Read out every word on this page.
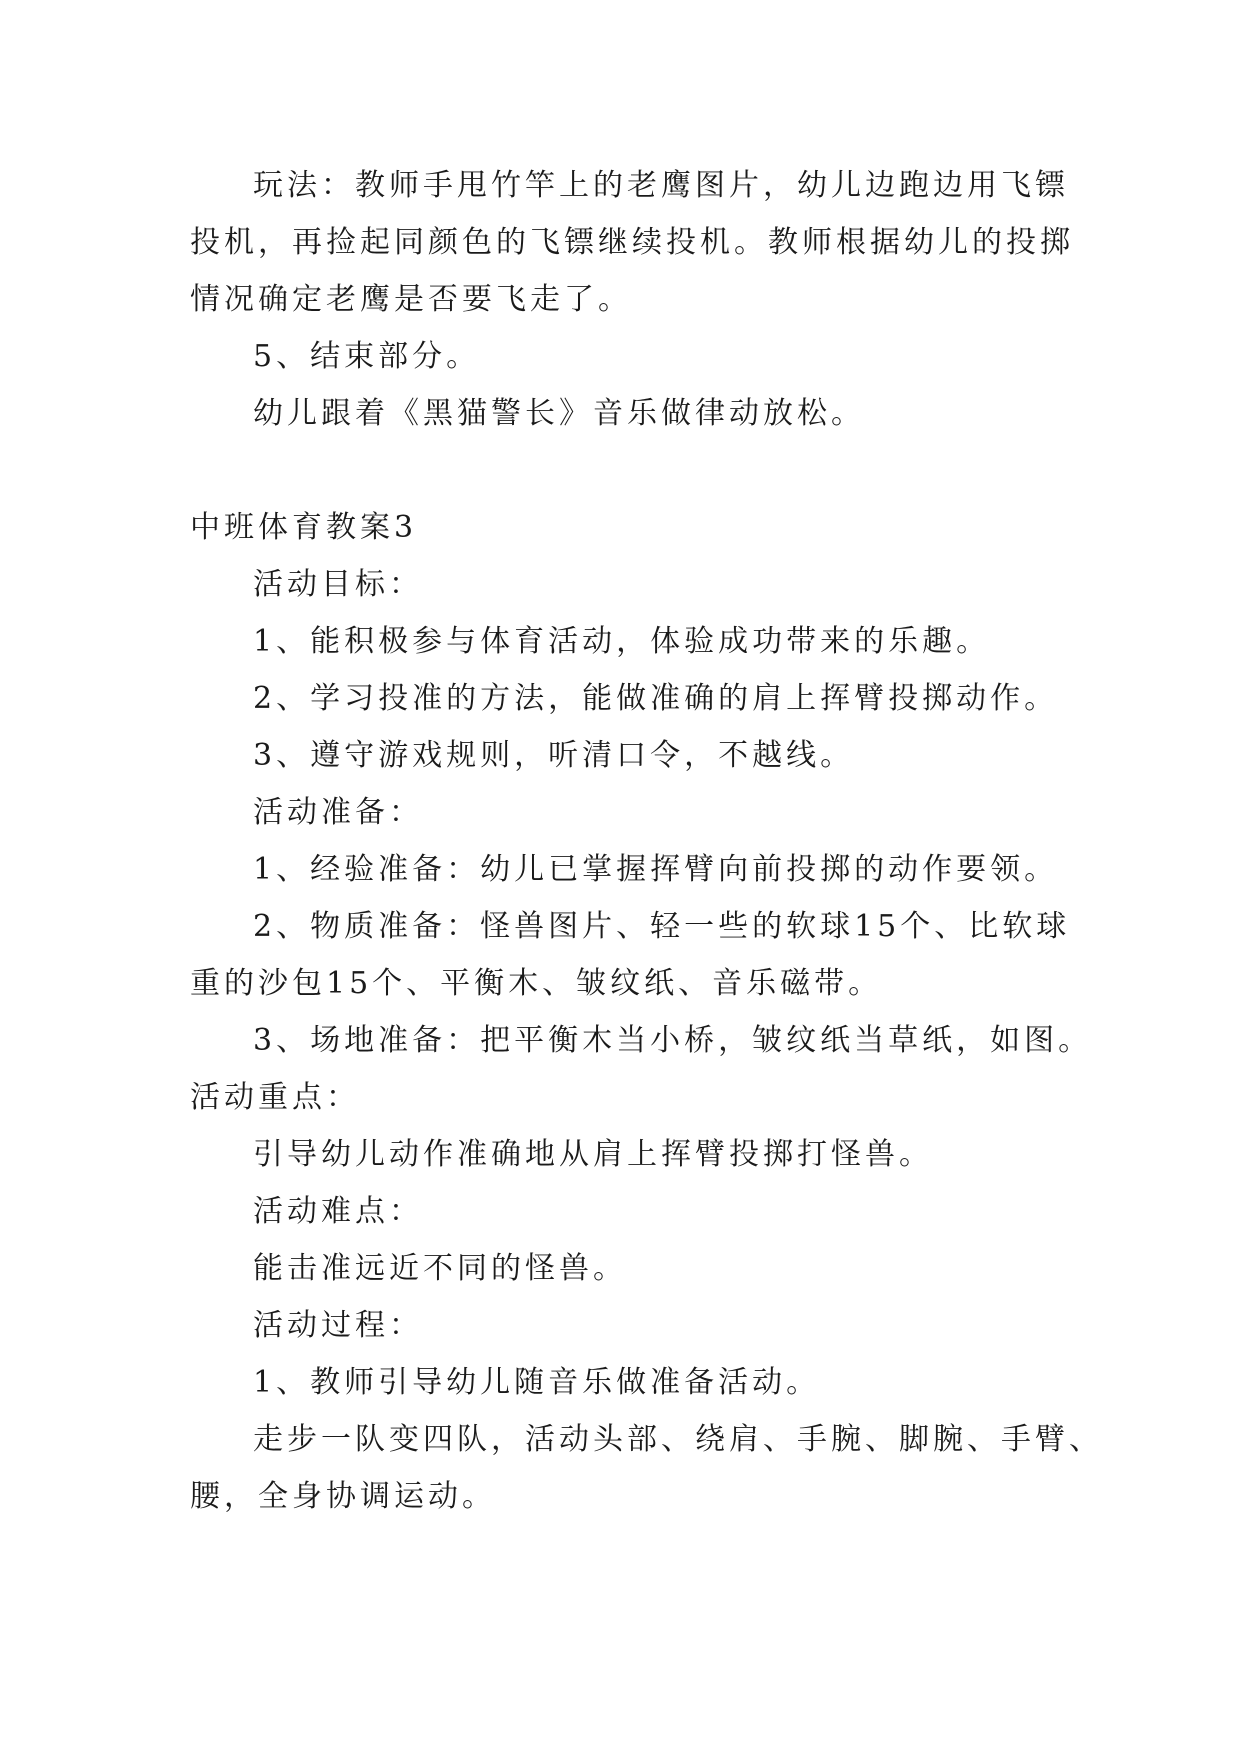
玩法：教师手甩竹竿上的老鹰图片，幼儿边跑边用飞镖
投机，再捡起同颜色的飞镖继续投机。教师根据幼儿的投掷
情况确定老鹰是否要飞走了。
5、结束部分。
幼儿跟着《黑猫警长》音乐做律动放松。
中班体育教案3
活动目标：
1、能积极参与体育活动，体验成功带来的乐趣。
2、学习投准的方法，能做准确的肩上挥臂投掷动作。
3、遵守游戏规则，听清口令，不越线。
活动准备：
1、经验准备：幼儿已掌握挥臂向前投掷的动作要领。
2、物质准备：怪兽图片、轻一些的软球15个、比软球
重的沙包15个、平衡木、皱纹纸、音乐磁带。
3、场地准备：把平衡木当小桥，皱纹纸当草纸，如图。
活动重点：
引导幼儿动作准确地从肩上挥臂投掷打怪兽。
活动难点：
能击准远近不同的怪兽。
活动过程：
1、教师引导幼儿随音乐做准备活动。
走步一队变四队，活动头部、绕肩、手腕、脚腕、手臂、
腰，全身协调运动。
